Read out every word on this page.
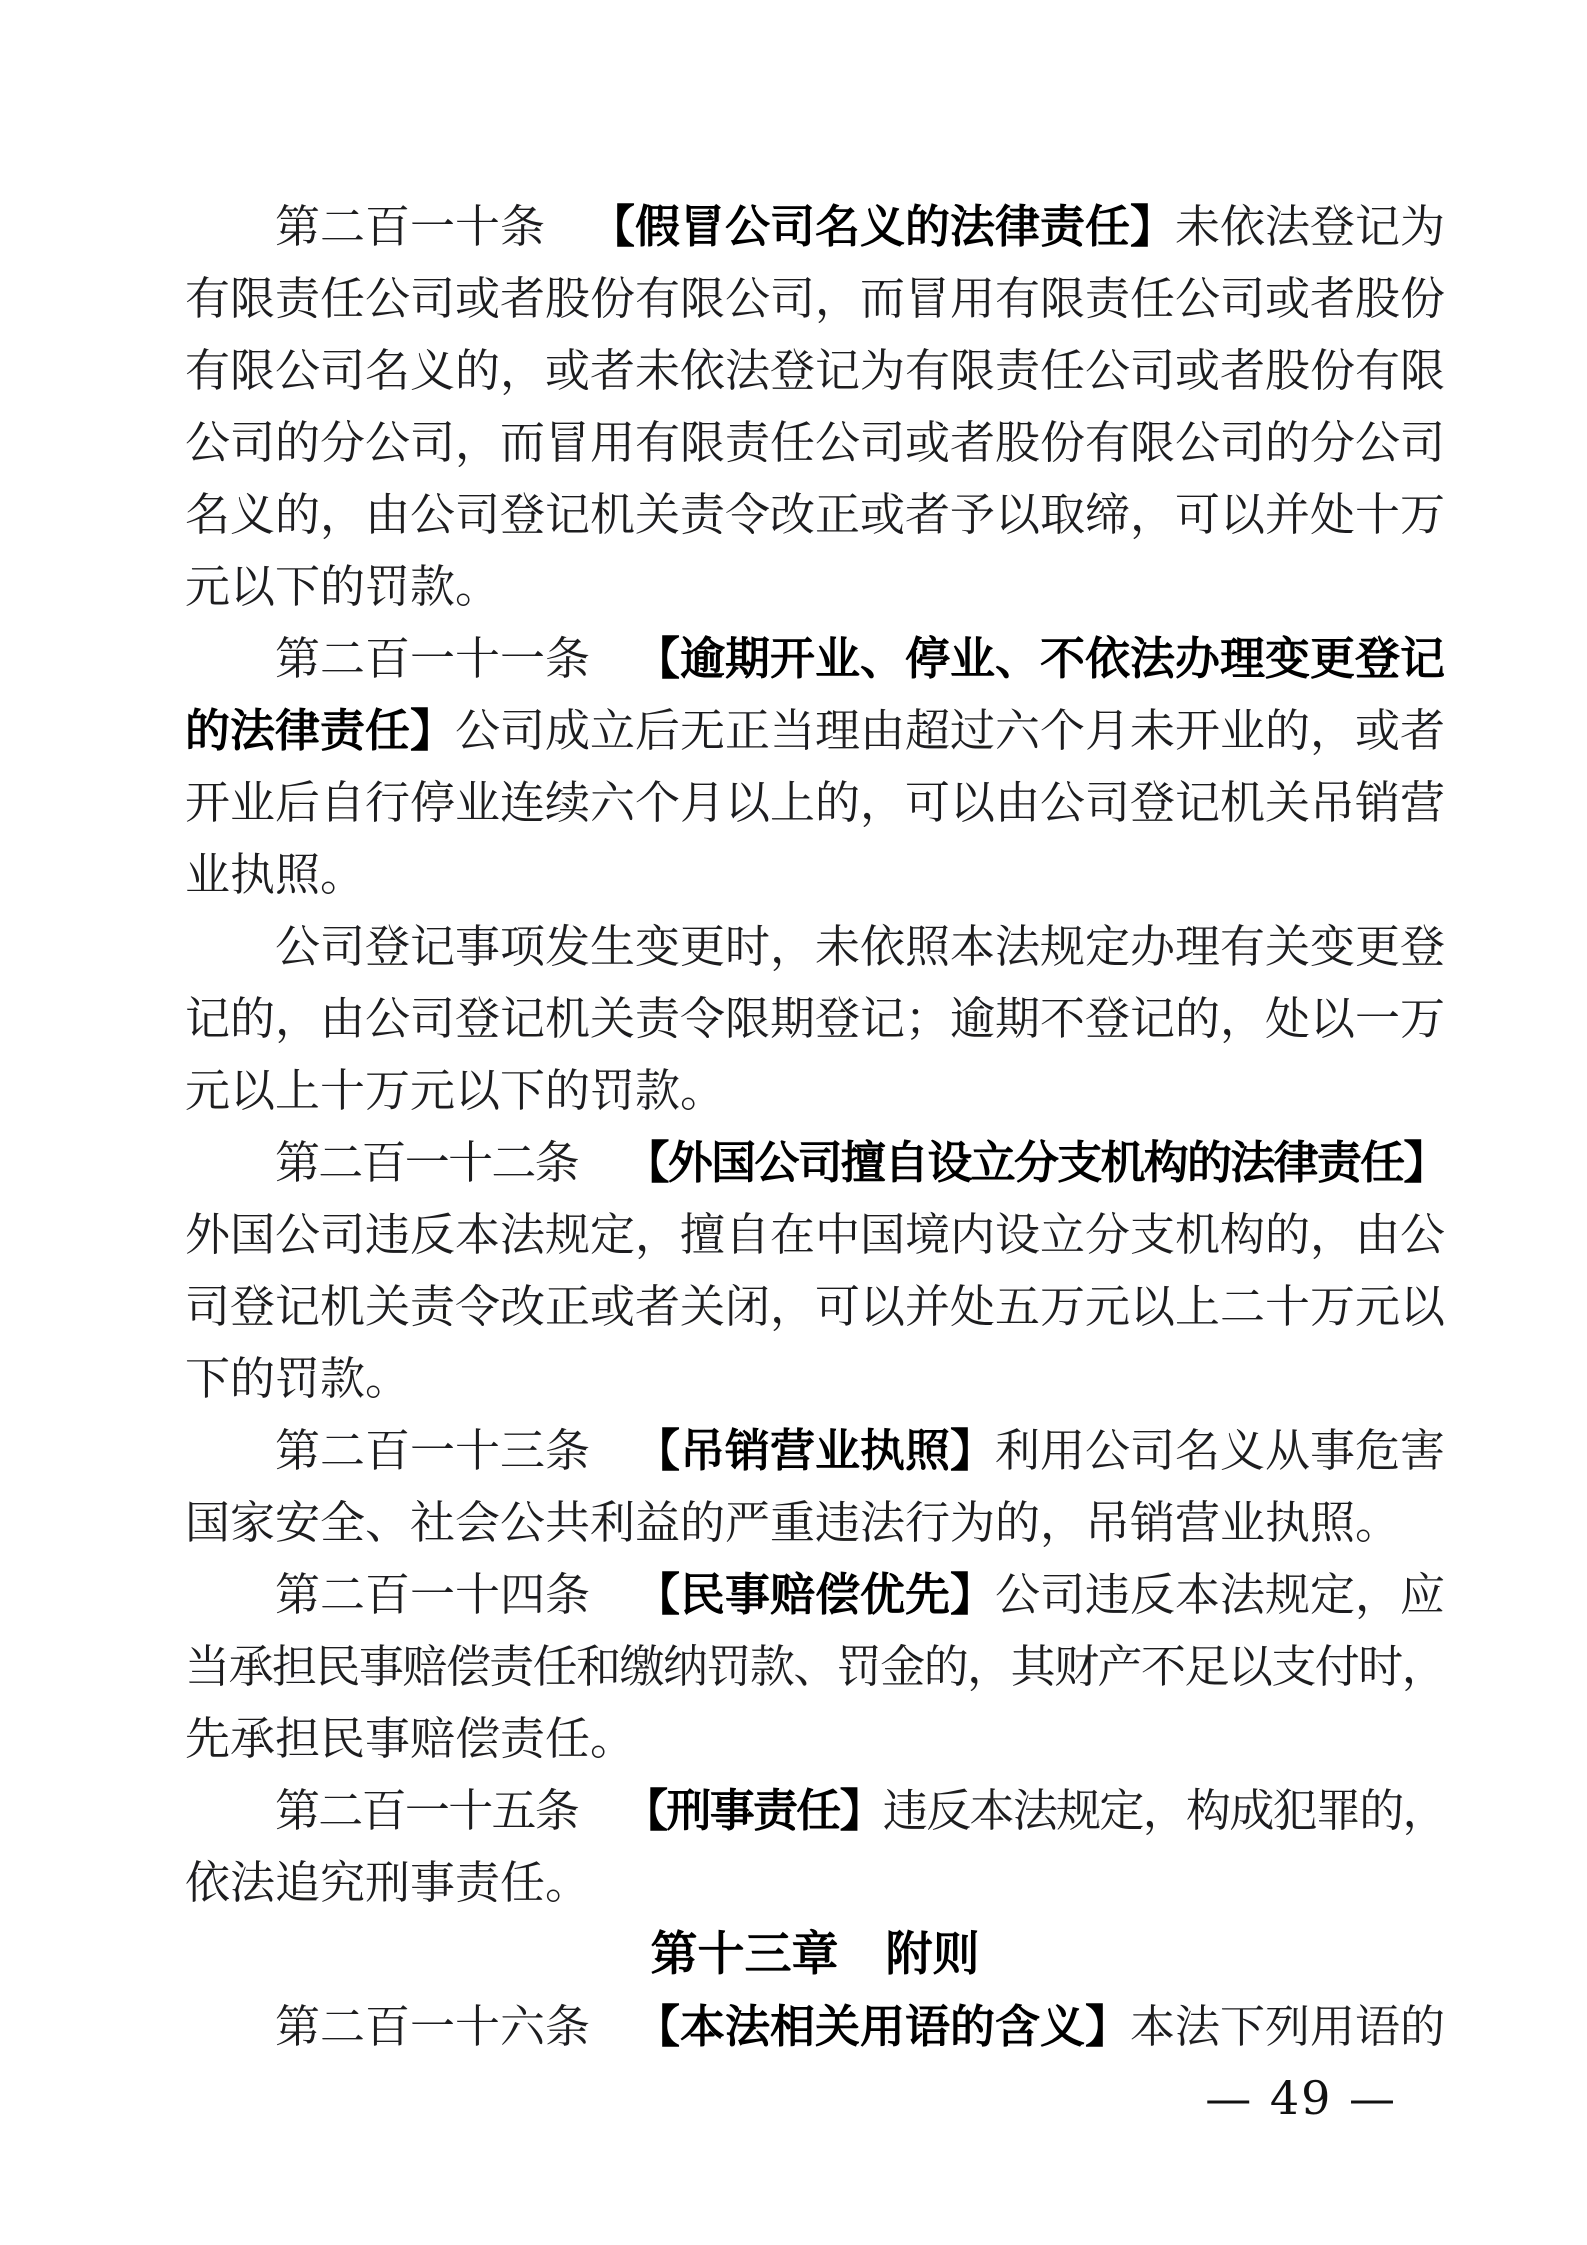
第二百一十条　 【假冒公司名义的法律责任】未依法登记为
有限责任公司或者股份有限公司，而冒用有限责任公司或者股份
有限公司名义的，或者未依法登记为有限责任公司或者股份有限
公司的分公司，而冒用有限责任公司或者股份有限公司的分公司
名义的，由公司登记机关责令改正或者予以取缔，可以并处十万
元以下的罚款。
第二百一十一条　 【逾期开业、停业、不依法办理变更登记
的法律责任】公司成立后无正当理由超过六个月未开业的，或者
开业后自行停业连续六个月以上的，可以由公司登记机关吊销营
业执照。
公司登记事项发生变更时，未依照本法规定办理有关变更登
记的，由公司登记机关责令限期登记；逾期不登记的，处以一万
元以上十万元以下的罚款。
第二百一十二条　 【外国公司擅自设立分支机构的法律责任】
外国公司违反本法规定，擅自在中国境内设立分支机构的，由公
司登记机关责令改正或者关闭，可以并处五万元以上二十万元以
下的罚款。
第二百一十三条　 【吊销营业执照】利用公司名义从事危害
国家安全、社会公共利益的严重违法行为的，吊销营业执照。
第二百一十四条　 【民事赔偿优先】公司违反本法规定，应
当承担民事赔偿责任和缴纳罚款、罚金的，其财产不足以支付时，
先承担民事赔偿责任。
第二百一十五条　 【刑事责任】违反本法规定，构成犯罪的，
依法追究刑事责任。
第十三章　附则
第二百一十六条　 【本法相关用语的含义】本法下列用语的
— 49 —
